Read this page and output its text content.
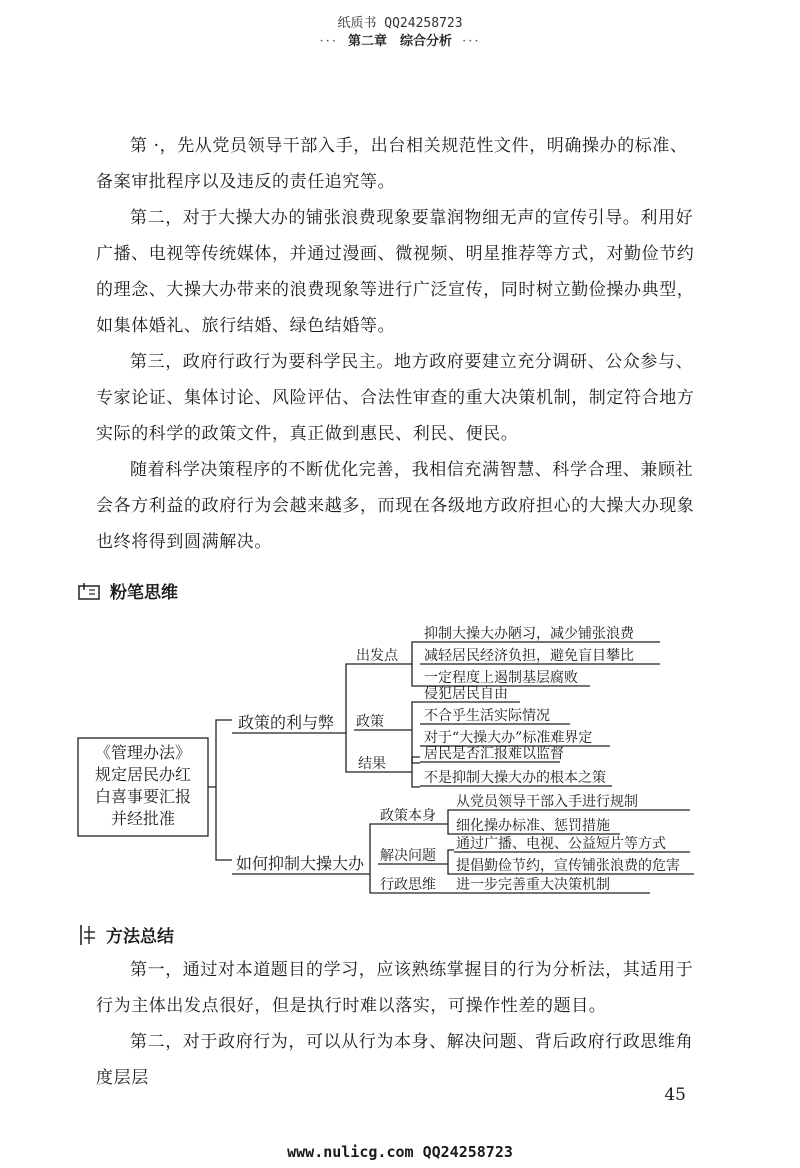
纸质书 QQ24258723
··· 第二章　综合分析 ···

第 ·，先从党员领导干部入手，出台相关规范性文件，明确操办的标准、备案审批程序以及违反的责任追究等。

第二，对于大操大办的铺张浪费现象要靠润物细无声的宣传引导。利用好广播、电视等传统媒体，并通过漫画、微视频、明星推荐等方式，对勤俭节约的理念、大操大办带来的浪费现象等进行广泛宣传，同时树立勤俭操办典型，如集体婚礼、旅行结婚、绿色结婚等。

第三，政府行政行为要科学民主。地方政府要建立充分调研、公众参与、专家论证、集体讨论、风险评估、合法性审查的重大决策机制，制定符合地方实际的科学的政策文件，真正做到惠民、利民、便民。

随着科学决策程序的不断优化完善，我相信充满智慧、科学合理、兼顾社会各方利益的政府行为会越来越多，而现在各级地方政府担心的大操大办现象也终将得到圆满解决。

粉笔思维
《管理办法》
规定居民办红
白喜事要汇报
并经批准
政策的利与弊
出发点
政策
结果
抑制大操大办陋习，减少铺张浪费
减轻居民经济负担，避免盲目攀比
一定程度上遏制基层腐败
侵犯居民自由
不合乎生活实际情况
对于“大操大办”标准难界定
居民是否汇报难以监督
不是抑制大操大办的根本之策
如何抑制大操大办
政策本身
解决问题
行政思维
从党员领导干部入手进行规制
细化操办标准、惩罚措施
通过广播、电视、公益短片等方式
提倡勤俭节约，宣传铺张浪费的危害
进一步完善重大决策机制
方法总结

第一，通过对本道题目的学习，应该熟练掌握目的行为分析法，其适用于行为主体出发点很好，但是执行时难以落实，可操作性差的题目。

第二，对于政府行为，可以从行为本身、解决问题、背后政府行政思维角度层层

45
www.nulicg.com QQ24258723
